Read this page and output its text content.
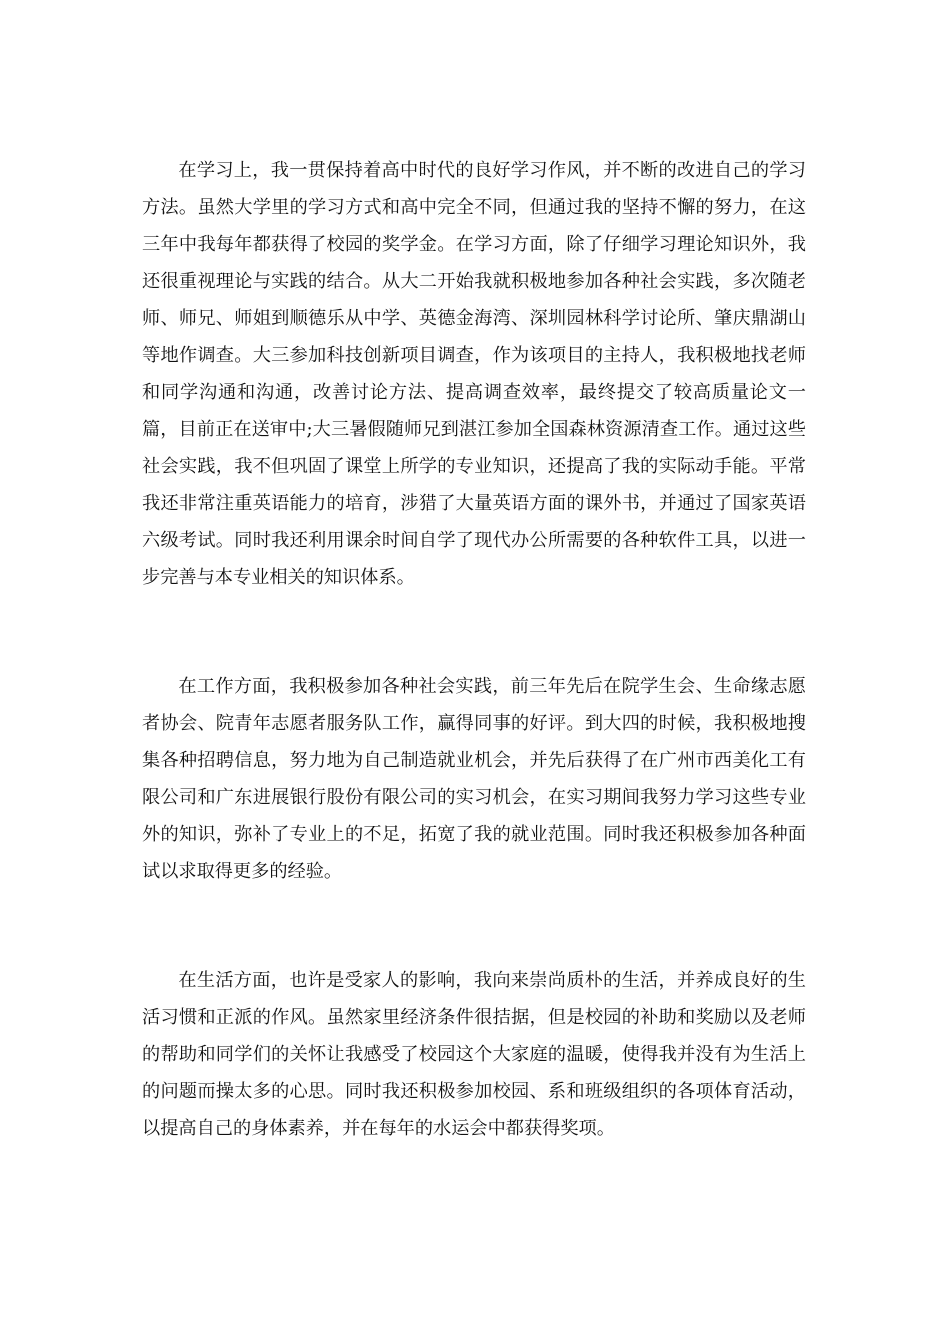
在学习上，我一贯保持着高中时代的良好学习作风，并不断的改进自己的学习方法。虽然大学里的学习方式和高中完全不同，但通过我的坚持不懈的努力，在这三年中我每年都获得了校园的奖学金。在学习方面，除了仔细学习理论知识外，我还很重视理论与实践的结合。从大二开始我就积极地参加各种社会实践，多次随老师、师兄、师姐到顺德乐从中学、英德金海湾、深圳园林科学讨论所、肇庆鼎湖山等地作调查。大三参加科技创新项目调查，作为该项目的主持人，我积极地找老师和同学沟通和沟通，改善讨论方法、提高调查效率，最终提交了较高质量论文一篇，目前正在送审中;大三暑假随师兄到湛江参加全国森林资源清查工作。通过这些社会实践，我不但巩固了课堂上所学的专业知识，还提高了我的实际动手能。平常我还非常注重英语能力的培育，涉猎了大量英语方面的课外书，并通过了国家英语六级考试。同时我还利用课余时间自学了现代办公所需要的各种软件工具，以进一步完善与本专业相关的知识体系。

在工作方面，我积极参加各种社会实践，前三年先后在院学生会、生命缘志愿者协会、院青年志愿者服务队工作，赢得同事的好评。到大四的时候，我积极地搜集各种招聘信息，努力地为自己制造就业机会，并先后获得了在广州市西美化工有限公司和广东进展银行股份有限公司的实习机会，在实习期间我努力学习这些专业外的知识，弥补了专业上的不足，拓宽了我的就业范围。同时我还积极参加各种面试以求取得更多的经验。

在生活方面，也许是受家人的影响，我向来崇尚质朴的生活，并养成良好的生活习惯和正派的作风。虽然家里经济条件很拮据，但是校园的补助和奖励以及老师的帮助和同学们的关怀让我感受了校园这个大家庭的温暖，使得我并没有为生活上的问题而操太多的心思。同时我还积极参加校园、系和班级组织的各项体育活动，以提高自己的身体素养，并在每年的水运会中都获得奖项。
